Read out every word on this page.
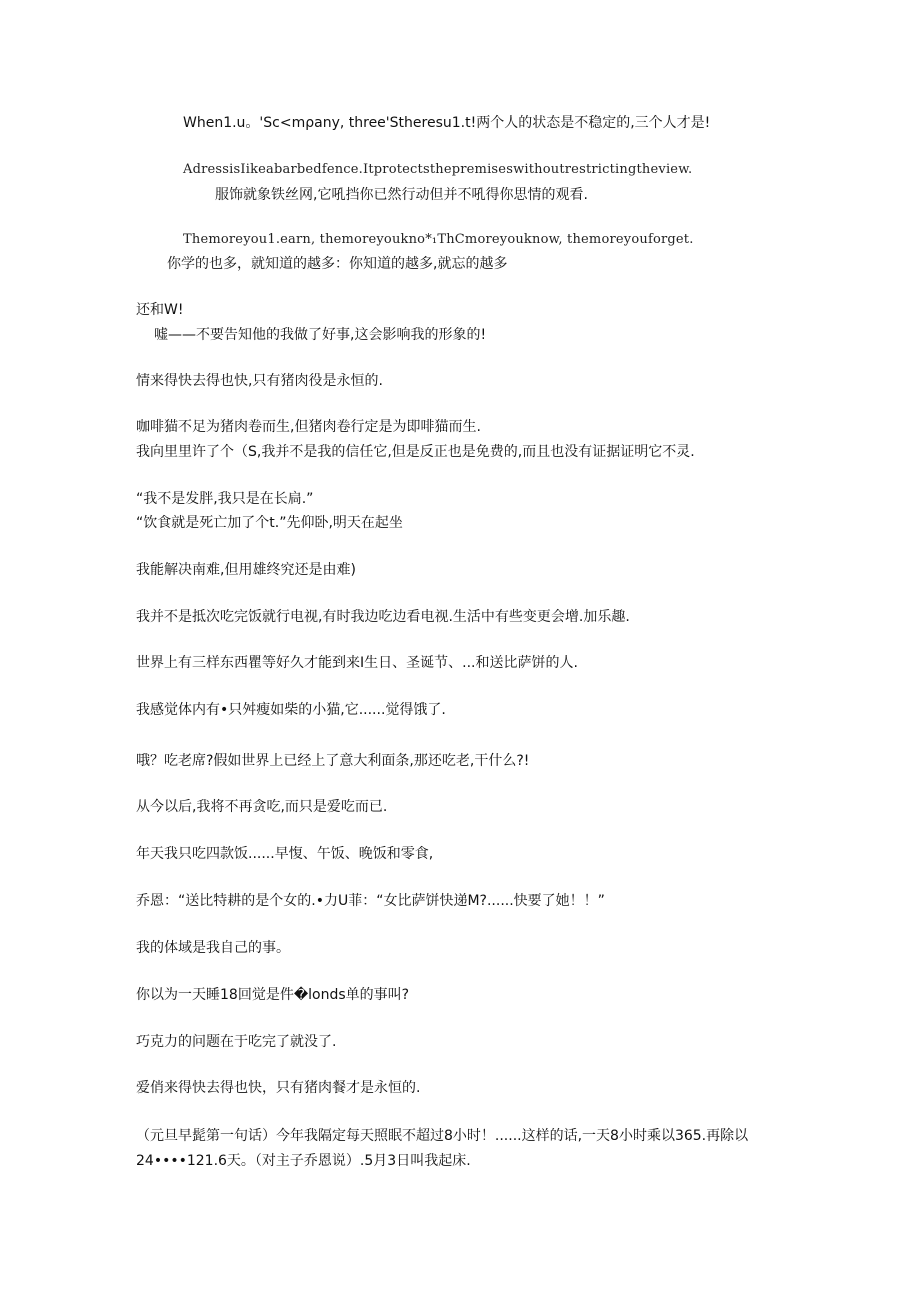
When1.u。'Sc<mρany, three'Stheresu1.t!两个人的状态是不稳定的,三个人才是!
AdressisIikeabarbedfence.Itprotectsthepremiseswithoutrestrictingtheview.
服饰就象铁丝网,它吼挡你已然行动但并不吼得你思情的观看.
Themoreyou1.earn, themoreyoukno*₁ThCmoreyouknow, themoreyouforget.
你学的也多，就知道的越多：你知道的越多,就忘的越多
还和W!
嘘——不要告知他的我做了好事,这会影响我的形象的!
情来得快去得也快,只有猪肉役是永恒的.
咖啡猫不足为猪肉卷而生,但猪肉卷行定是为即啡猫而生.
我向里里许了个（S,我并不是我的信任它,但是反正也是免费的,而且也没有证据证明它不灵.
“我不是发胖,我只是在长扃.”
“饮食就是死亡加了个t.”先仰卧,明天在起坐
我能解决南难,但用雄终究还是由难)
我并不是抵次吃完饭就行电视,有时我边吃边看电视.生活中有些变更会增.加乐趣.
世界上有三样东西瞿等好久才能到来I生日、圣诞节、...和送比萨饼的人.
我感觉体内有•只舛瘦如柴的小猫,它......觉得饿了.
哦？吃老席?假如世界上已经上了意大利面条,那还吃老,干什么?!
从今以后,我将不再贪吃,而只是爱吃而已.
年天我只吃四款饭......早愎、午饭、晚饭和零食,
乔恩：“送比特耕的是个女的.•力U菲：“女比萨饼快递M?......快要了她！！”
我的体域是我自己的事。
你以为一天睡18回觉是件�londs单的事叫?
巧克力的问题在于吃完了就没了.
爱俏来得快去得也快，只有猪肉餐才是永恒的.
（元旦早髭第一句话）今年我隔定每天照眠不超过8小时！......这样的话,一天8小时乘以365.再除以
24••••121.6天。（对主子乔恩说）.5月3日叫我起床.
